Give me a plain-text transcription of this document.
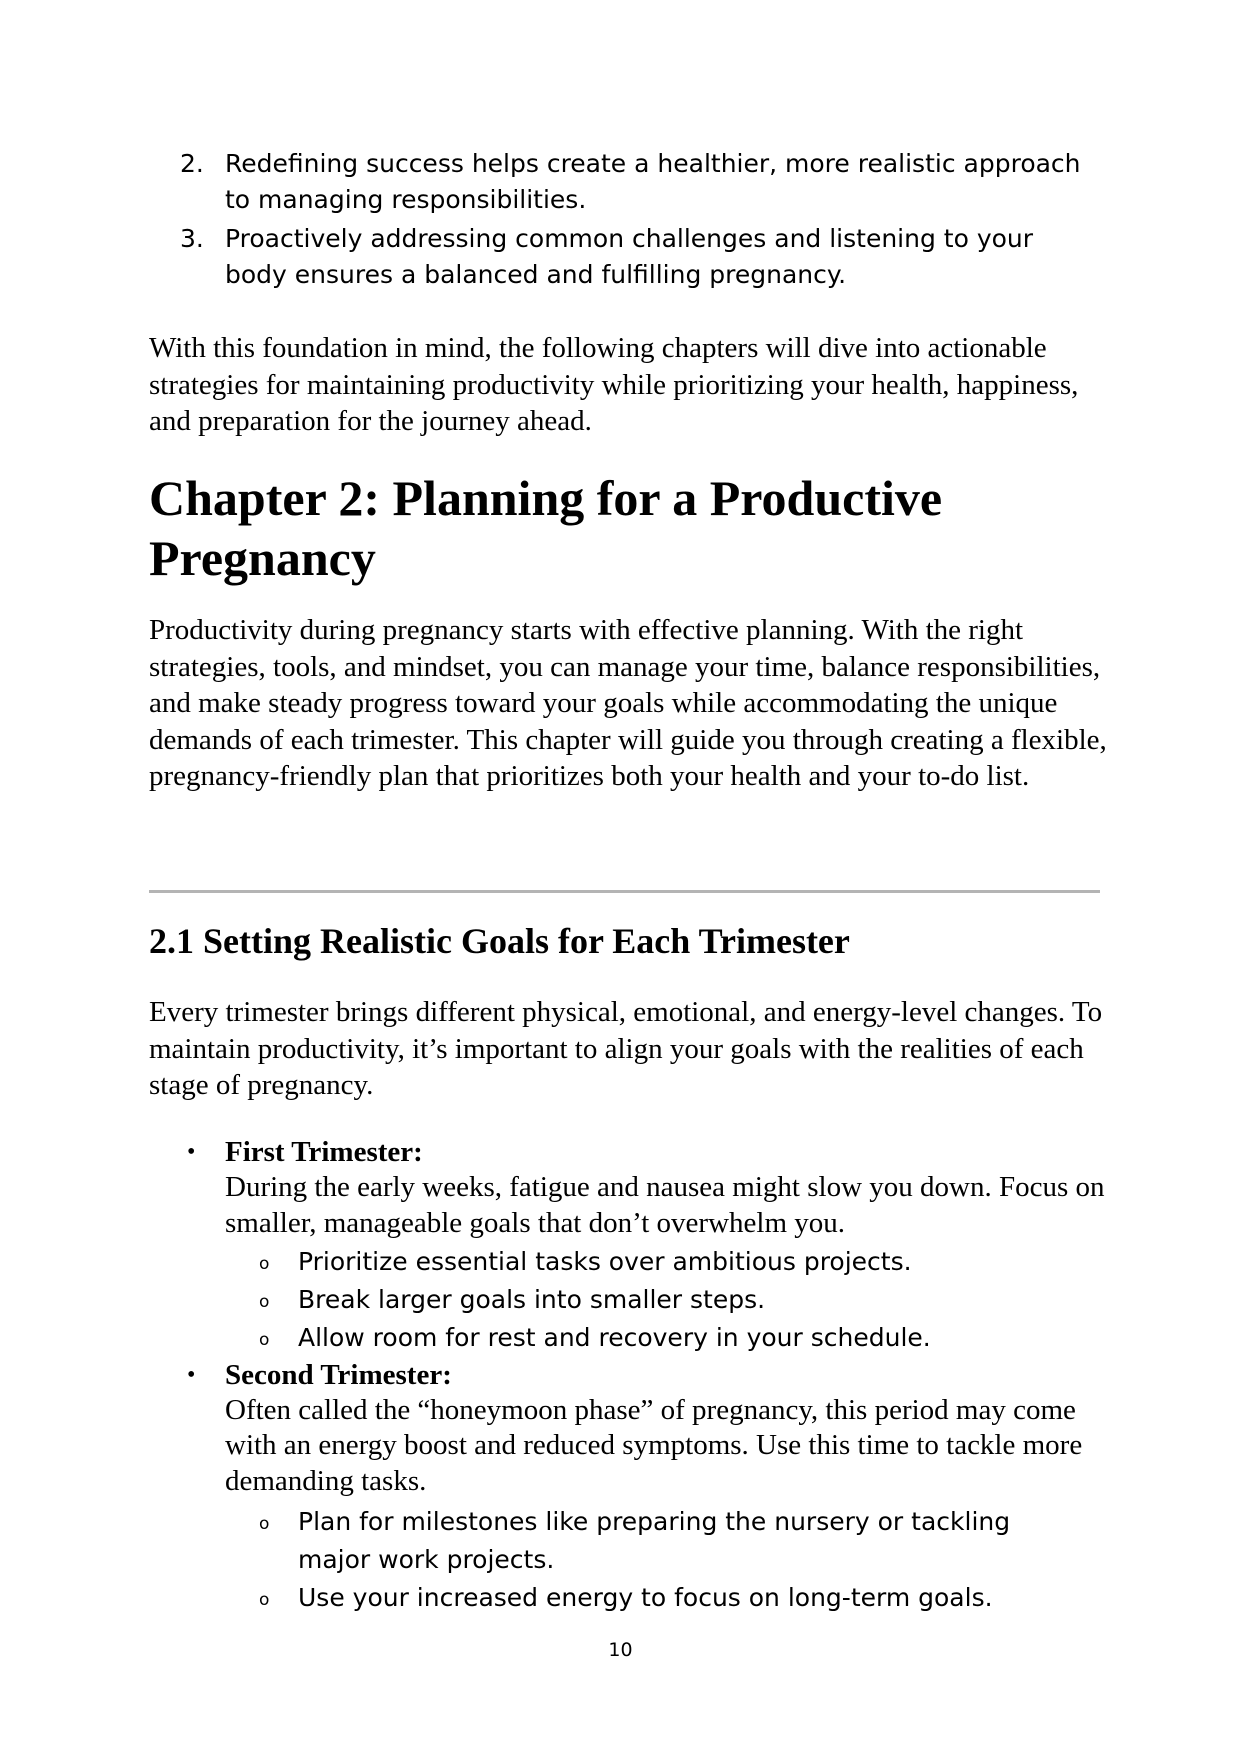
2. Redefining success helps create a healthier, more realistic approach to managing responsibilities.
3. Proactively addressing common challenges and listening to your body ensures a balanced and fulfilling pregnancy.

With this foundation in mind, the following chapters will dive into actionable strategies for maintaining productivity while prioritizing your health, happiness, and preparation for the journey ahead.

Chapter 2: Planning for a Productive Pregnancy

Productivity during pregnancy starts with effective planning. With the right strategies, tools, and mindset, you can manage your time, balance responsibilities, and make steady progress toward your goals while accommodating the unique demands of each trimester. This chapter will guide you through creating a flexible, pregnancy-friendly plan that prioritizes both your health and your to-do list.

2.1 Setting Realistic Goals for Each Trimester

Every trimester brings different physical, emotional, and energy-level changes. To maintain productivity, it’s important to align your goals with the realities of each stage of pregnancy.

• First Trimester:
During the early weeks, fatigue and nausea might slow you down. Focus on smaller, manageable goals that don’t overwhelm you.
o Prioritize essential tasks over ambitious projects.
o Break larger goals into smaller steps.
o Allow room for rest and recovery in your schedule.
• Second Trimester:
Often called the “honeymoon phase” of pregnancy, this period may come with an energy boost and reduced symptoms. Use this time to tackle more demanding tasks.
o Plan for milestones like preparing the nursery or tackling major work projects.
o Use your increased energy to focus on long-term goals.
10
